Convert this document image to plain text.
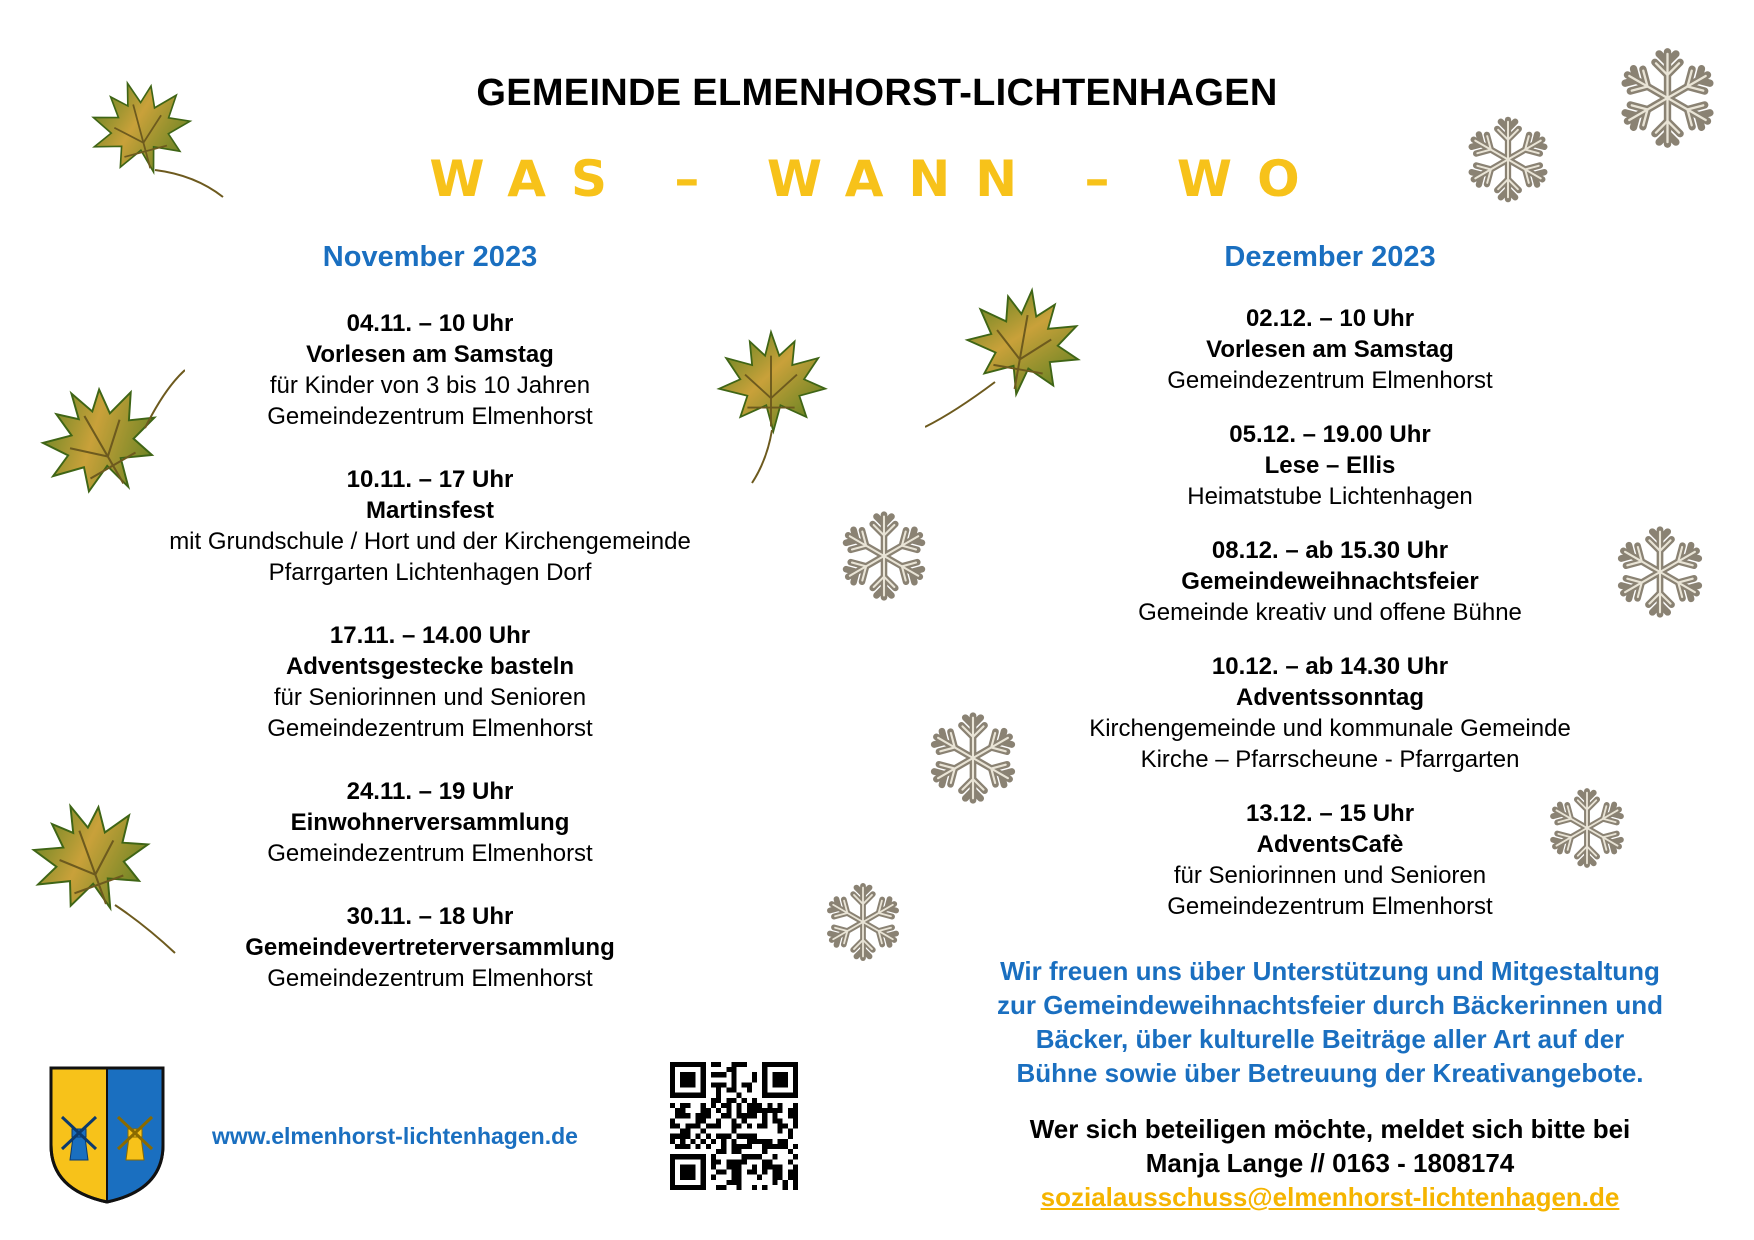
GEMEINDE ELMENHORST-LICHTENHAGEN
WAS – WANN – WO
November 2023
04.11. – 10 Uhr
Vorlesen am Samstag
für Kinder von 3 bis 10 Jahren
Gemeindezentrum Elmenhorst
10.11. – 17 Uhr
Martinsfest
mit Grundschule / Hort und der Kirchengemeinde
Pfarrgarten Lichtenhagen Dorf
17.11. – 14.00 Uhr
Adventsgestecke basteln
für Seniorinnen und Senioren
Gemeindezentrum Elmenhorst
24.11. – 19 Uhr
Einwohnerversammlung
Gemeindezentrum Elmenhorst
30.11. – 18 Uhr
Gemeindevertreterversammlung
Gemeindezentrum Elmenhorst
Dezember 2023
02.12. – 10 Uhr
Vorlesen am Samstag
Gemeindezentrum Elmenhorst
05.12. – 19.00 Uhr
Lese – Ellis
Heimatstube Lichtenhagen
08.12. – ab 15.30 Uhr
Gemeindeweihnachtsfeier
Gemeinde kreativ und offene Bühne
10.12. – ab 14.30 Uhr
Adventssonntag
Kirchengemeinde und kommunale Gemeinde
Kirche – Pfarrscheune - Pfarrgarten
13.12. – 15 Uhr
AdventsCafè
für Seniorinnen und Senioren
Gemeindezentrum Elmenhorst
Wir freuen uns über Unterstützung und Mitgestaltung
zur Gemeindeweihnachtsfeier durch Bäckerinnen und
Bäcker, über kulturelle Beiträge aller Art auf der
Bühne sowie über Betreuung der Kreativangebote.
Wer sich beteiligen möchte, meldet sich bitte bei
Manja Lange // 0163 - 1808174
sozialausschuss@elmenhorst-lichtenhagen.de
www.elmenhorst-lichtenhagen.de
